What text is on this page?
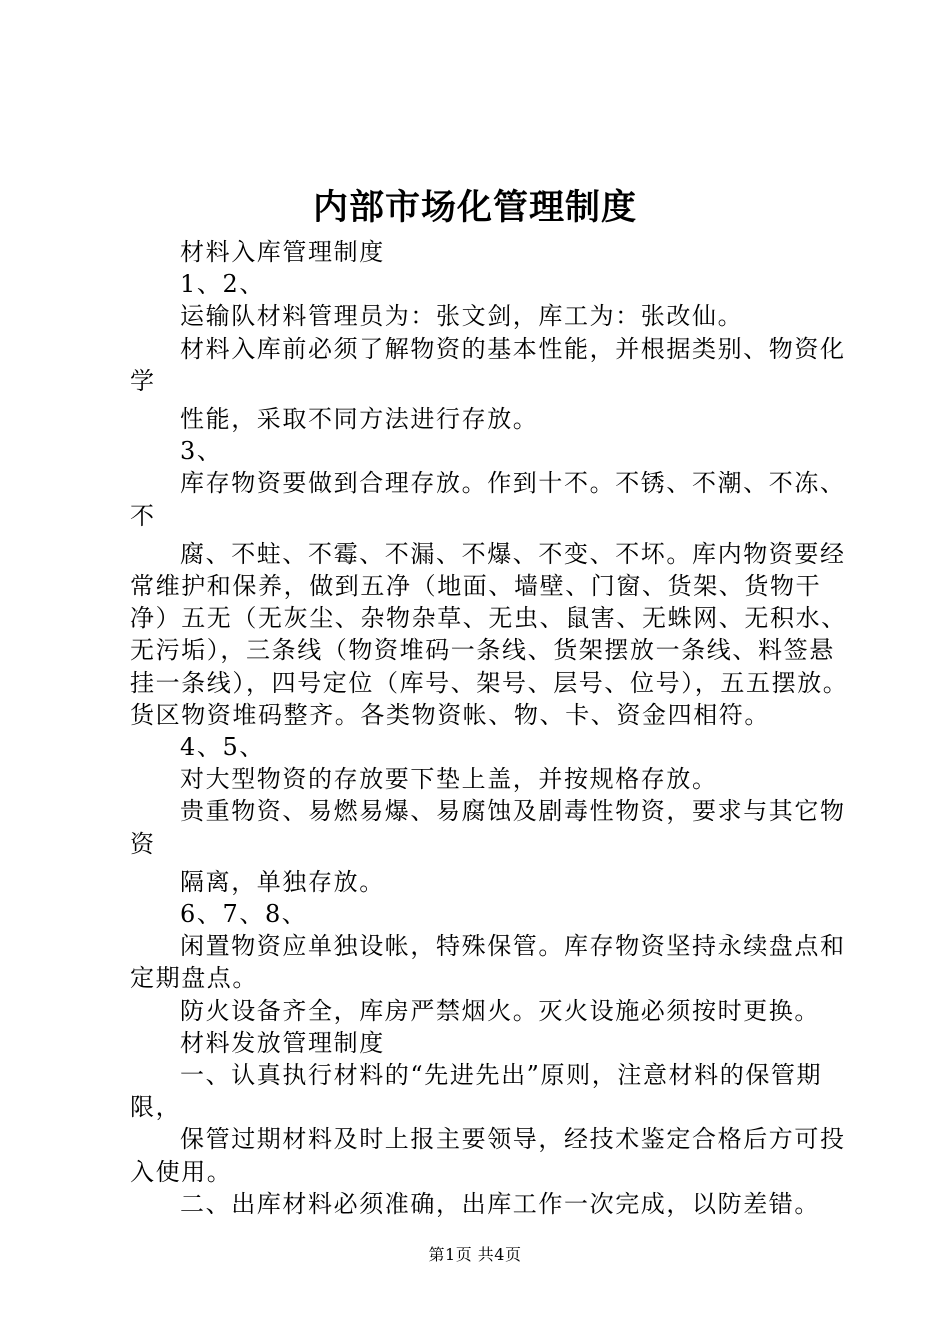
内部市场化管理制度

材料入库管理制度

1、2、

运输队材料管理员为：张文剑，库工为：张改仙。

材料入库前必须了解物资的基本性能，并根据类别、物资化学

性能，采取不同方法进行存放。

3、

库存物资要做到合理存放。作到十不。不锈、不潮、不冻、不

腐、不蛀、不霉、不漏、不爆、不变、不坏。库内物资要经常维护和保养，做到五净（地面、墙壁、门窗、货架、货物干净）五无（无灰尘、杂物杂草、无虫、鼠害、无蛛网、无积水、无污垢），三条线（物资堆码一条线、货架摆放一条线、料签悬挂一条线），四号定位（库号、架号、层号、位号），五五摆放。货区物资堆码整齐。各类物资帐、物、卡、资金四相符。

4、5、

对大型物资的存放要下垫上盖，并按规格存放。

贵重物资、易燃易爆、易腐蚀及剧毒性物资，要求与其它物资

隔离，单独存放。

6、7、8、

闲置物资应单独设帐，特殊保管。库存物资坚持永续盘点和定期盘点。

防火设备齐全，库房严禁烟火。灭火设施必须按时更换。

材料发放管理制度

一、认真执行材料的“先进先出”原则，注意材料的保管期限，

保管过期材料及时上报主要领导，经技术鉴定合格后方可投入使用。

二、出库材料必须准确，出库工作一次完成，以防差错。

第1页 共4页
